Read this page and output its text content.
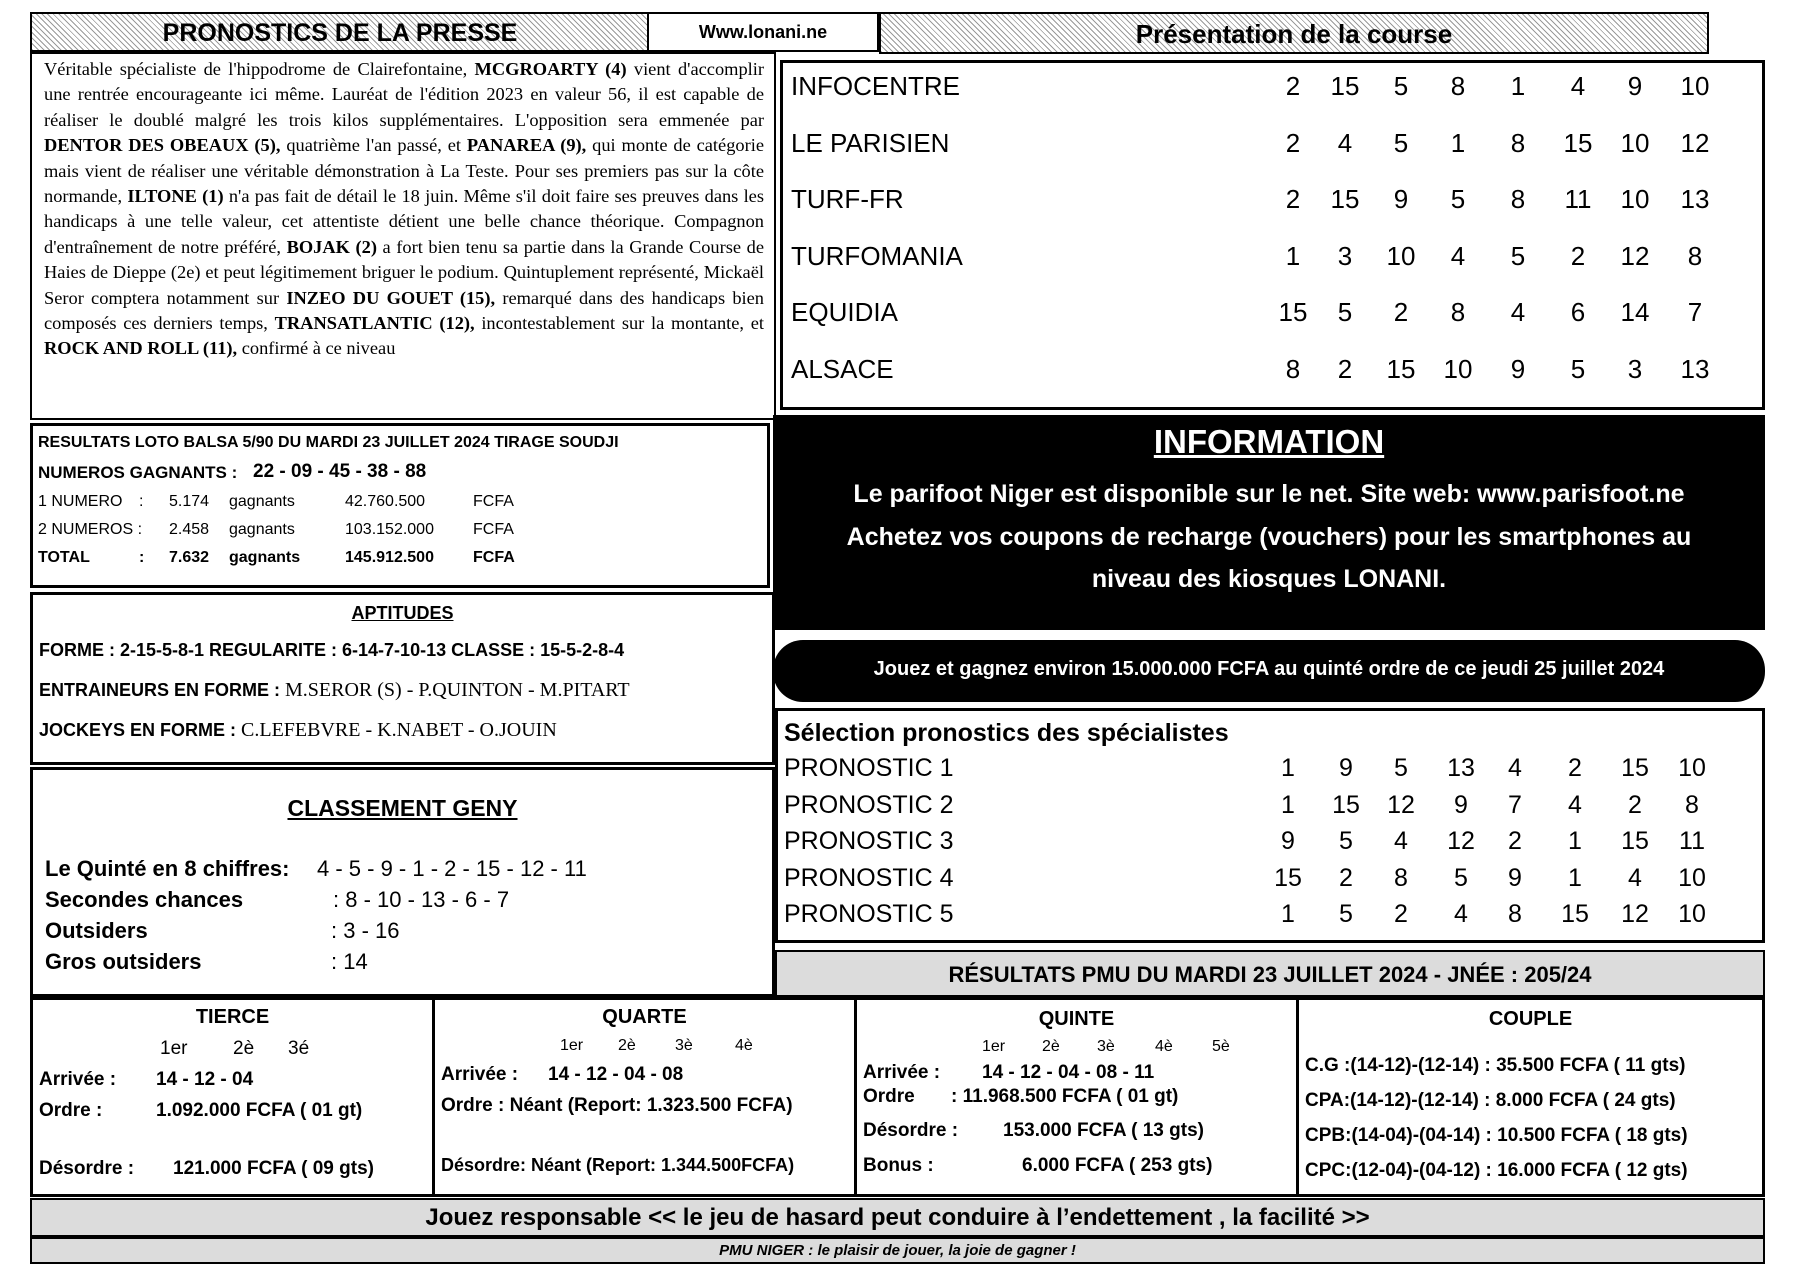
PRONOSTICS DE LA PRESSE	Www.lonani.ne	Présentation de la course
Véritable spécialiste de l'hippodrome de Clairefontaine, MCGROARTY (4) vient d'accomplir une rentrée encourageante ici même. Lauréat de l'édition 2023 en valeur 56, il est capable de réaliser le doublé malgré les trois kilos supplémentaires. L'opposition sera emmenée par DENTOR DES OBEAUX (5), quatrième l'an passé, et PANAREA (9), qui monte de catégorie mais vient de réaliser une véritable démonstration à La Teste. Pour ses premiers pas sur la côte normande, ILTONE (1) n'a pas fait de détail le 18 juin. Même s'il doit faire ses preuves dans les handicaps à une telle valeur, cet attentiste détient une belle chance théorique. Compagnon d'entraînement de notre préféré, BOJAK (2) a fort bien tenu sa partie dans la Grande Course de Haies de Dieppe (2e) et peut légitimement briguer le podium. Quintuplement représenté, Mickaël Seror comptera notamment sur INZEO DU GOUET (15), remarqué dans des handicaps bien composés ces derniers temps, TRANSATLANTIC (12), incontestablement sur la montante, et ROCK AND ROLL (11), confirmé à ce niveau
INFOCENTRE	2	15	5	8	1	4	9	10
LE PARISIEN	2	4	5	1	8	15	10	12
TURF-FR	2	15	9	5	8	11	10	13
TURFOMANIA	1	3	10	4	5	2	12	8
EQUIDIA	15	5	2	8	4	6	14	7
ALSACE	8	2	15	10	9	5	3	13
RESULTATS LOTO BALSA 5/90 DU MARDI 23 JUILLET 2024 TIRAGE SOUDJI
NUMEROS GAGNANTS : 22 - 09 - 45 - 38 - 88
1 NUMERO : 5.174 gagnants	42.760.500	FCFA
2 NUMEROS : 2.458 gagnants	103.152.000 FCFA
TOTAL	: 7.632 gagnants	145.912.500 FCFA
INFORMATION
Le parifoot Niger est disponible sur le net. Site web: www.parisfoot.ne
Achetez vos coupons de recharge (vouchers) pour les smartphones au
niveau des kiosques LONANI.
APTITUDES
FORME : 2-15-5-8-1 REGULARITE : 6-14-7-10-13 CLASSE : 15-5-2-8-4
ENTRAINEURS EN FORME : M.SEROR (S) - P.QUINTON - M.PITART
JOCKEYS EN FORME : C.LEFEBVRE - K.NABET - O.JOUIN
Jouez et gagnez environ 15.000.000 FCFA au quinté ordre de ce jeudi 25 juillet 2024
Sélection pronostics des spécialistes
PRONOSTIC 1	1	9	5	13	4	2	15	10
PRONOSTIC 2	1	15	12	9	7	4	2	8
PRONOSTIC 3	9	5	4	12	2	1	15	11
PRONOSTIC 4	15	2	8	5	9	1	4	10
PRONOSTIC 5	1	5	2	4	8	15	12	10
CLASSEMENT GENY
Le Quinté en 8 chiffres: 4 - 5 - 9 - 1 - 2 - 15 - 12 - 11
Secondes chances	: 8 - 10 - 13 - 6 - 7
Outsiders	: 3 - 16
Gros outsiders	: 14
RÉSULTATS PMU DU MARDI 23 JUILLET 2024 - JNÉE : 205/24
TIERCE
1er 2è 3é
Arrivée : 14 - 12 - 04
Ordre :	1.092.000 FCFA ( 01 gt)
Désordre : 121.000 FCFA ( 09 gts)
QUARTE
1er 2è 3è	4è
Arrivée : 14 - 12 - 04 - 08
Ordre : Néant (Report: 1.323.500 FCFA)
Désordre: Néant (Report: 1.344.500FCFA)
QUINTE
1er 2è 3è	4è 5è
Arrivée : 14 - 12 - 04 - 08 - 11
Ordre : 11.968.500 FCFA ( 01 gt)
Désordre : 153.000 FCFA ( 13 gts)
Bonus :	6.000 FCFA ( 253 gts)
COUPLE
C.G :(14-12)-(12-14) : 35.500 FCFA ( 11 gts)
CPA:(14-12)-(12-14) : 8.000 FCFA ( 24 gts)
CPB:(14-04)-(04-14) : 10.500 FCFA ( 18 gts)
CPC:(12-04)-(04-12) : 16.000 FCFA ( 12 gts)
Jouez responsable << le jeu de hasard peut conduire à l’endettement , la facilité >>
PMU NIGER : le plaisir de jouer, la joie de gagner !
